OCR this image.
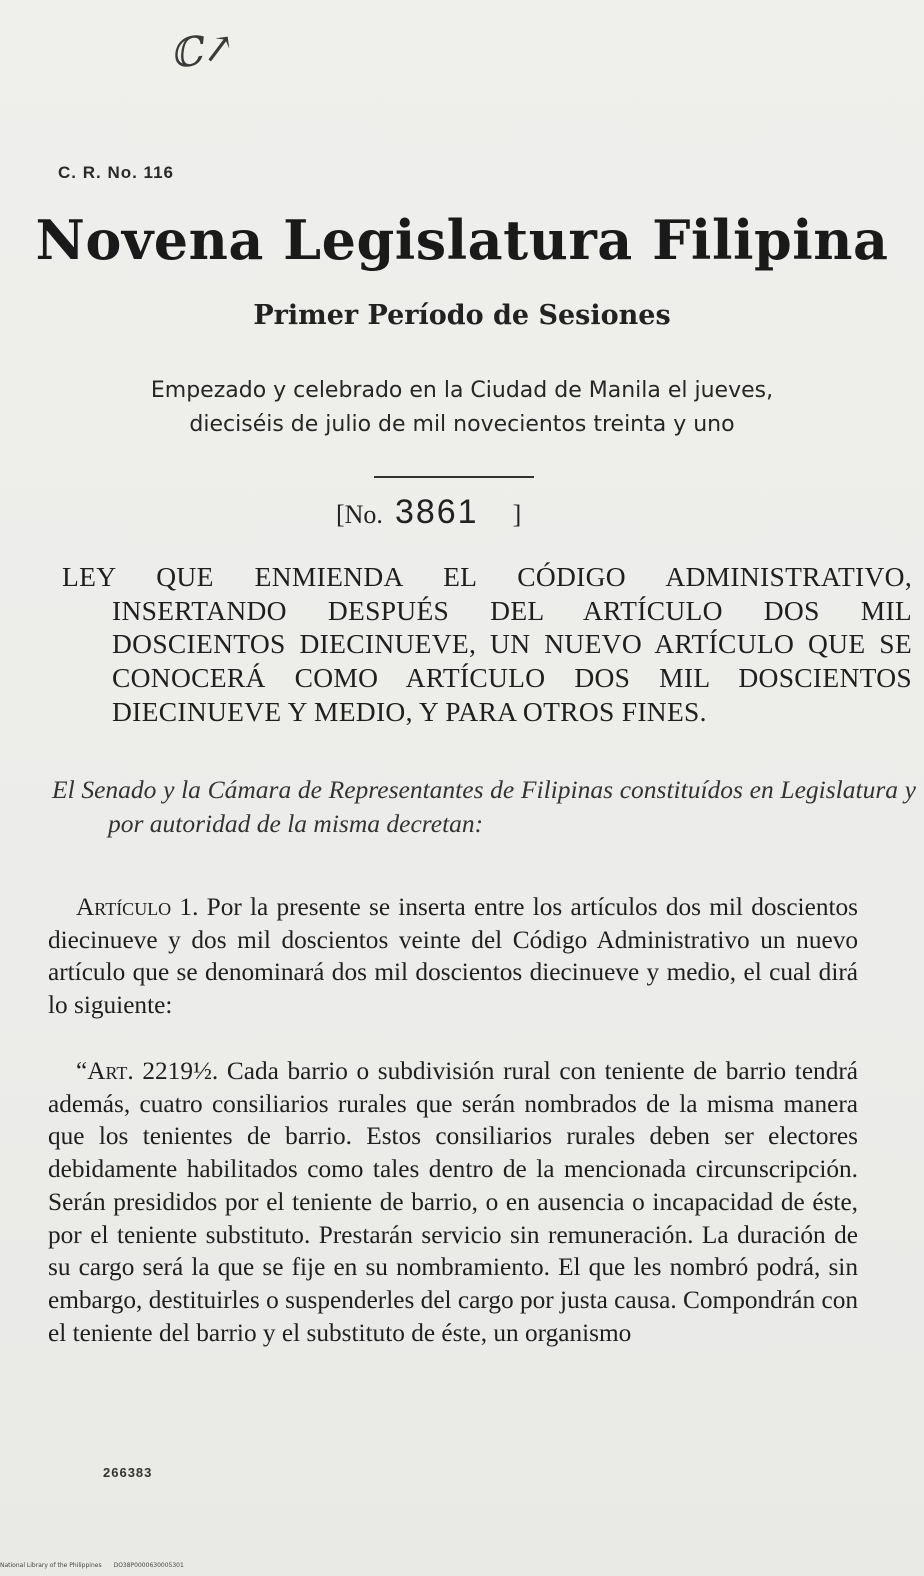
ℂ↗
C. R. No. 116
Novena Legislatura Filipina
Primer Período de Sesiones
Empezado y celebrado en la Ciudad de Manila el jueves,
dieciséis de julio de mil novecientos treinta y uno
[No. 3861 ]

LEY QUE ENMIENDA EL CÓDIGO ADMINISTRATIVO, INSERTANDO DESPUÉS DEL ARTÍCULO DOS MIL DOSCIENTOS DIECINUEVE, UN NUEVO ARTÍCULO QUE SE CONOCERÁ COMO ARTÍCULO DOS MIL DOSCIENTOS DIECINUEVE Y MEDIO, Y PARA OTROS FINES.

El Senado y la Cámara de Representantes de Filipinas constituídos en Legislatura y por autoridad de la misma decretan:

Artículo 1. Por la presente se inserta entre los artículos dos mil doscientos diecinueve y dos mil doscientos veinte del Código Administrativo un nuevo artículo que se denominará dos mil doscientos diecinueve y medio, el cual dirá lo siguiente:

“Art. 2219½. Cada barrio o subdivisión rural con teniente de barrio tendrá además, cuatro consiliarios rurales que serán nombrados de la misma manera que los tenientes de barrio. Estos consiliarios rurales deben ser electores debidamente habilitados como tales dentro de la mencionada circunscripción. Serán presididos por el teniente de barrio, o en ausencia o incapacidad de éste, por el teniente substituto. Prestarán servicio sin remuneración. La duración de su cargo será la que se fije en su nombramiento. El que les nombró podrá, sin embargo, destituirles o suspenderles del cargo por justa causa. Compondrán con el teniente del barrio y el substituto de éste, un organismo

266383
National Library of the Philippines DO38P0000630005301
